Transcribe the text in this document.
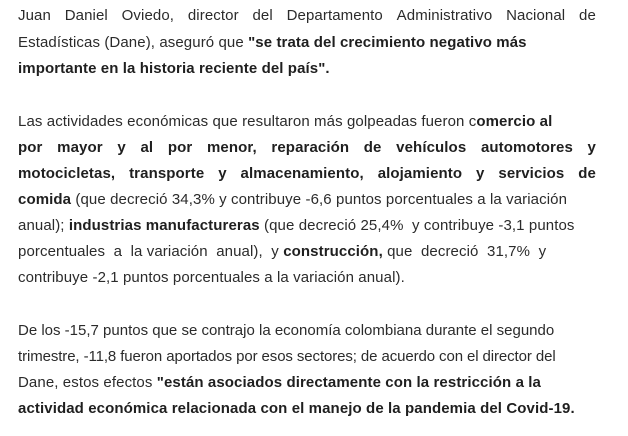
Juan Daniel Oviedo, director del Departamento Administrativo Nacional de
Estadísticas (Dane), aseguró que "se trata del crecimiento negativo más
importante en la historia reciente del país".
Las actividades económicas que resultaron más golpeadas fueron comercio al
por mayor y al por menor, reparación de vehículos automotores y
motocicletas, transporte y almacenamiento, alojamiento y servicios de
comida (que decreció 34,3% y contribuye -6,6 puntos porcentuales a la variación
anual); industrias manufactureras (que decreció 25,4%  y contribuye -3,1 puntos
porcentuales  a  la variación  anual),  y construcción, que  decreció  31,7%  y
contribuye -2,1 puntos porcentuales a la variación anual).
De los -15,7 puntos que se contrajo la economía colombiana durante el segundo
trimestre, -11,8 fueron aportados por esos sectores; de acuerdo con el director del
Dane, estos efectos "están asociados directamente con la restricción a la
actividad económica relacionada con el manejo de la pandemia del Covid-19.
